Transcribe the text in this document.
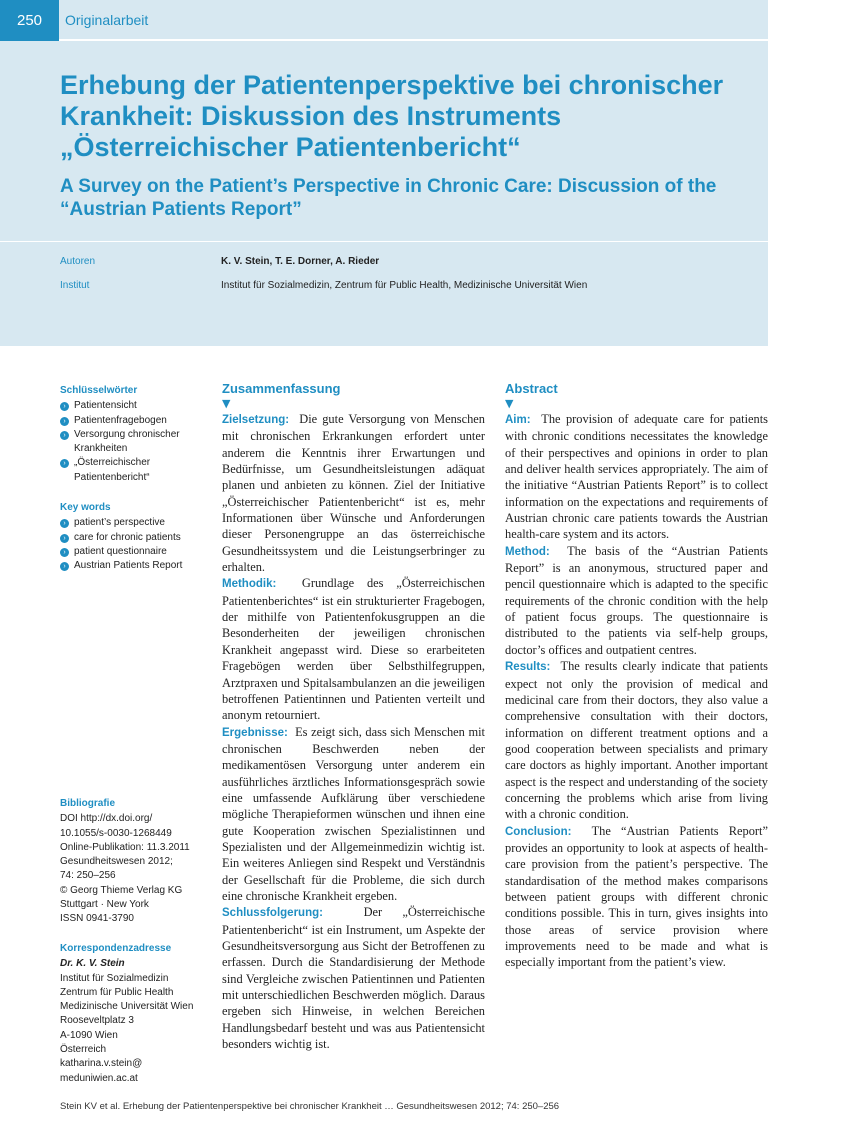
250	Originalarbeit
Erhebung der Patientenperspektive bei chronischer Krankheit: Diskussion des Instruments „Österreichischer Patientenbericht“
A Survey on the Patient’s Perspective in Chronic Care: Discussion of the “Austrian Patients Report”
Autoren	K. V. Stein, T. E. Dorner, A. Rieder
Institut	Institut für Sozialmedizin, Zentrum für Public Health, Medizinische Universität Wien
Schlüsselwörter
› Patientensicht
› Patientenfragebogen
› Versorgung chronischer Krankheiten
› „Österreichischer Patientenbericht“
Key words
› patient’s perspective
› care for chronic patients
› patient questionnaire
› Austrian Patients Report
Bibliografie
DOI http://dx.doi.org/
10.1055/s-0030-1268449
Online-Publikation: 11.3.2011
Gesundheitswesen 2012;
74: 250–256
© Georg Thieme Verlag KG
Stuttgart · New York
ISSN 0941-3790
Korrespondenzadresse
Dr. K. V. Stein
Institut für Sozialmedizin
Zentrum für Public Health
Medizinische Universität Wien
Rooseveltplatz 3
A-1090 Wien
Österreich
katharina.v.stein@
meduniwien.ac.at
Zusammenfassung
▼

Zielsetzung: Die gute Versorgung von Menschen mit chronischen Erkrankungen erfordert unter anderem die Kenntnis ihrer Erwartungen und Bedürfnisse, um Gesundheitsleistungen adäquat planen und anbieten zu können. Ziel der Initiative „Österreichischer Patientenbericht“ ist es, mehr Informationen über Wünsche und Anforderungen dieser Personengruppe an das österreichische Gesundheitssystem und die Leistungserbringer zu erhalten.

Methodik: Grundlage des „Österreichischen Patientenberichtes“ ist ein strukturierter Fragebogen, der mithilfe von Patientenfokusgruppen an die Besonderheiten der jeweiligen chronischen Krankheit angepasst wird. Diese so erarbeiteten Fragebögen werden über Selbsthilfegruppen, Arztpraxen und Spitalsambulanzen an die jeweiligen betroffenen Patientinnen und Patienten verteilt und anonym retourniert.

Ergebnisse: Es zeigt sich, dass sich Menschen mit chronischen Beschwerden neben der medikamentösen Versorgung unter anderem ein ausführliches ärztliches Informationsgespräch sowie eine umfassende Aufklärung über verschiedene mögliche Therapieformen wünschen und ihnen eine gute Kooperation zwischen Spezialistinnen und Spezialisten und der Allgemeinmedizin wichtig ist. Ein weiteres Anliegen sind Respekt und Verständnis der Gesellschaft für die Probleme, die sich durch eine chronische Krankheit ergeben.

Schlussfolgerung:	Der „Österreichische Patientenbericht“ ist ein Instrument, um Aspekte der Gesundheitsversorgung aus Sicht der Betroffenen zu erfassen. Durch die Standardisierung der Methode sind Vergleiche zwischen Patientinnen und Patienten mit unterschiedlichen Beschwerden möglich. Daraus ergeben sich Hinweise, in welchen Bereichen Handlungsbedarf besteht und was aus Patientensicht besonders wichtig ist.

Abstract
▼

Aim: The provision of adequate care for patients with chronic conditions necessitates the knowledge of their perspectives and opinions in order to plan and deliver health services appropriately. The aim of the initiative “Austrian Patients Report” is to collect information on the expectations and requirements of Austrian chronic care patients towards the Austrian health-care system and its actors.

Method: The basis of the “Austrian Patients Report” is an anonymous, structured paper and pencil questionnaire which is adapted to the specific requirements of the chronic condition with the help of patient focus groups. The questionnaire is distributed to the patients via self-help groups, doctor’s offices and outpatient centres.

Results: The results clearly indicate that patients expect not only the provision of medical and medicinal care from their doctors, they also value a comprehensive consultation with their doctors, information on different treatment options and a good cooperation between specialists and primary care doctors as highly important. Another important aspect is the respect and understanding of the society concerning the problems which arise from living with a chronic condition.

Conclusion: The “Austrian Patients Report” provides an opportunity to look at aspects of health-care provision from the patient’s perspective. The standardisation of the method makes comparisons between patient groups with different chronic conditions possible. This in turn, gives insights into those areas of service provision where improvements need to be made and what is especially important from the patient’s view.

Stein KV et al. Erhebung der Patientenperspektive bei chronischer Krankheit … Gesundheitswesen 2012; 74: 250–256
